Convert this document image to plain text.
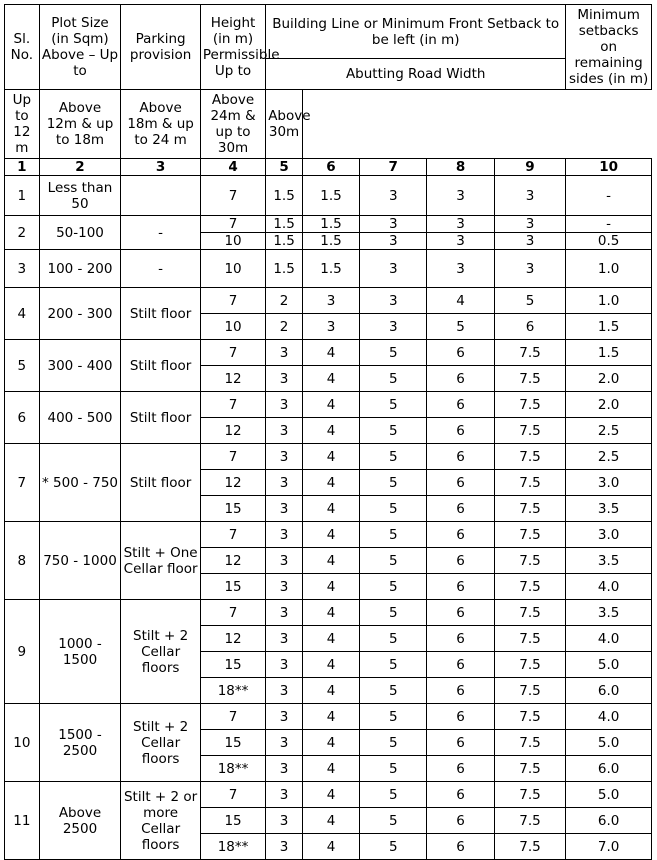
Sl. No.	Plot Size (in Sqm) Above – Up to	Parking provision	Height (in m) Permissible Up to	Building Line or Minimum Front Setback to be left (in m)					Minimum setbacks on remaining sides (in m)
				Abutting Road Width					
Up to 12 m	Above 12m & up to 18m	Above 18m & up to 24 m	Above 24m & up to 30m	Above 30m					
1	2	3	4	5	6	7	8	9	10
1	Less than 50		7	1.5	1.5	3	3	3	-
2	50-100	-	7	1.5	1.5	3	3	3	-
			10	1.5	1.5	3	3	3	0.5
3	100 - 200	-	10	1.5	1.5	3	3	3	1.0
4	200 - 300	Stilt floor	7	2	3	3	4	5	1.0
			10	2	3	3	5	6	1.5
5	300 - 400	Stilt floor	7	3	4	5	6	7.5	1.5
			12	3	4	5	6	7.5	2.0
6	400 - 500	Stilt floor	7	3	4	5	6	7.5	2.0
			12	3	4	5	6	7.5	2.5
7	* 500 - 750	Stilt floor	7	3	4	5	6	7.5	2.5
			12	3	4	5	6	7.5	3.0
			15	3	4	5	6	7.5	3.5
8	750 - 1000	Stilt + One Cellar floor	7	3	4	5	6	7.5	3.0
			12	3	4	5	6	7.5	3.5
			15	3	4	5	6	7.5	4.0
9	1000 - 1500	Stilt + 2 Cellar floors	7	3	4	5	6	7.5	3.5
			12	3	4	5	6	7.5	4.0
			15	3	4	5	6	7.5	5.0
			18**	3	4	5	6	7.5	6.0
10	1500 - 2500	Stilt + 2 Cellar floors	7	3	4	5	6	7.5	4.0
			15	3	4	5	6	7.5	5.0
			18**	3	4	5	6	7.5	6.0
11	Above 2500	Stilt + 2 or more Cellar floors	7	3	4	5	6	7.5	5.0
			15	3	4	5	6	7.5	6.0
			18**	3	4	5	6	7.5	7.0
